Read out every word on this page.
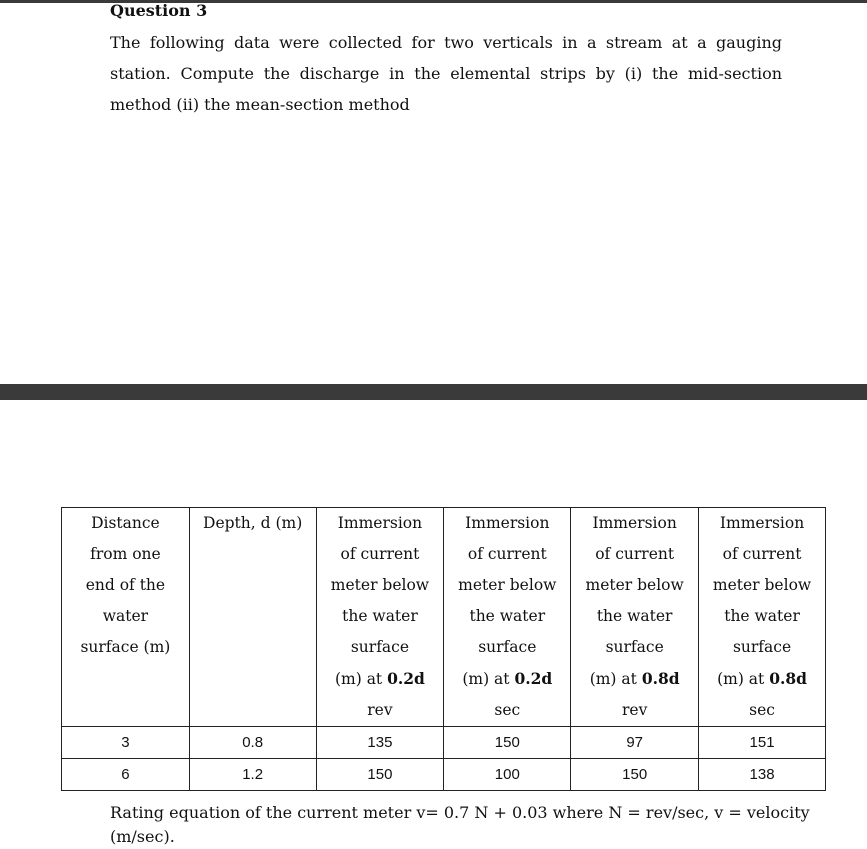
Question 3

The following data were collected for two verticals in a stream at a gauging station. Compute the discharge in the elemental strips by (i) the mid-section method (ii) the mean-section method

Distance from one end of the water surface (m)	Depth, d (m)	Immersion of current meter below the water surface
(m) at 0.2d
rev	Immersion of current meter below the water surface
(m) at 0.2d
sec	Immersion of current meter below the water surface
(m) at 0.8d
rev	Immersion of current meter below the water surface
(m) at 0.8d
sec

3	0.8	135	150	97	151
6	1.2	150	100	150	138
Rating equation of the current meter v= 0.7 N + 0.03 where N = rev/sec, v = velocity (m/sec).
